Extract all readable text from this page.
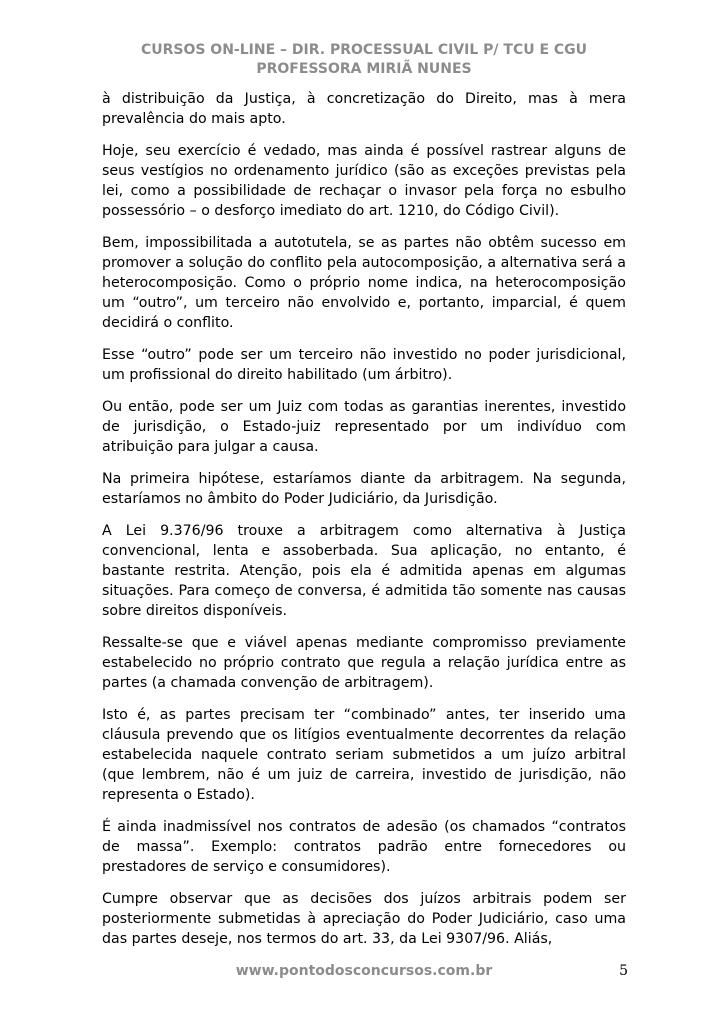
CURSOS ON-LINE – DIR. PROCESSUAL CIVIL P/ TCU E CGU
PROFESSORA MIRIÃ NUNES

à distribuição da Justiça, à concretização do Direito, mas à mera prevalência do mais apto.

Hoje, seu exercício é vedado, mas ainda é possível rastrear alguns de seus vestígios no ordenamento jurídico (são as exceções previstas pela lei, como a possibilidade de rechaçar o invasor pela força no esbulho possessório – o desforço imediato do art. 1210, do Código Civil).

Bem, impossibilitada a autotutela, se as partes não obtêm sucesso em promover a solução do conflito pela autocomposição, a alternativa será a heterocomposição. Como o próprio nome indica, na heterocomposição um “outro”, um terceiro não envolvido e, portanto, imparcial, é quem decidirá o conflito.

Esse “outro” pode ser um terceiro não investido no poder jurisdicional, um profissional do direito habilitado (um árbitro).

Ou então, pode ser um Juiz com todas as garantias inerentes, investido de jurisdição, o Estado-juiz representado por um indivíduo com atribuição para julgar a causa.

Na primeira hipótese, estaríamos diante da arbitragem. Na segunda, estaríamos no âmbito do Poder Judiciário, da Jurisdição.

A Lei 9.376/96 trouxe a arbitragem como alternativa à Justiça convencional, lenta e assoberbada. Sua aplicação, no entanto, é bastante restrita. Atenção, pois ela é admitida apenas em algumas situações. Para começo de conversa, é admitida tão somente nas causas sobre direitos disponíveis.

Ressalte-se que e viável apenas mediante compromisso previamente estabelecido no próprio contrato que regula a relação jurídica entre as partes (a chamada convenção de arbitragem).

Isto é, as partes precisam ter “combinado” antes, ter inserido uma cláusula prevendo que os litígios eventualmente decorrentes da relação estabelecida naquele contrato seriam submetidos a um juízo arbitral (que lembrem, não é um juiz de carreira, investido de jurisdição, não representa o Estado).

É ainda inadmissível nos contratos de adesão (os chamados “contratos de massa”. Exemplo: contratos padrão entre fornecedores ou prestadores de serviço e consumidores).

Cumpre observar que as decisões dos juízos arbitrais podem ser posteriormente submetidas à apreciação do Poder Judiciário, caso uma das partes deseje, nos termos do art. 33, da Lei 9307/96. Aliás,

www.pontodosconcursos.com.br	5
